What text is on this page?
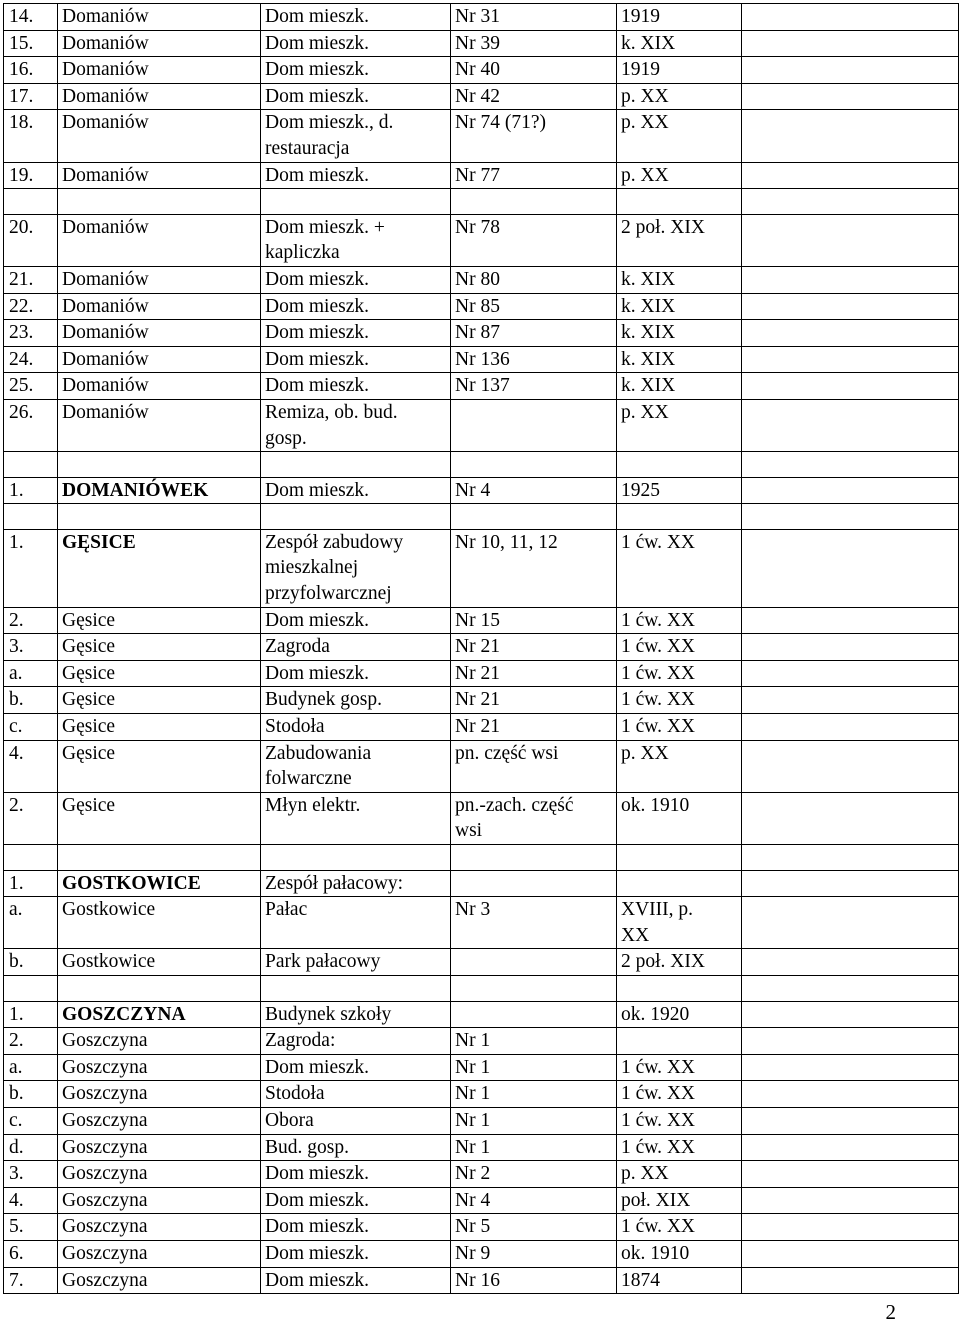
14.	Domaniów	Dom mieszk.	Nr 31	1919	
15.	Domaniów	Dom mieszk.	Nr 39	k. XIX	
16.	Domaniów	Dom mieszk.	Nr 40	1919	
17.	Domaniów	Dom mieszk.	Nr 42	p. XX	
18.	Domaniów	Dom mieszk., d.
restauracja	Nr 74 (71?)	p. XX	
19.	Domaniów	Dom mieszk.	Nr 77	p. XX	

20.	Domaniów	Dom mieszk. +
kapliczka	Nr 78	2 poł. XIX	
21.	Domaniów	Dom mieszk.	Nr 80	k. XIX	
22.	Domaniów	Dom mieszk.	Nr 85	k. XIX	
23.	Domaniów	Dom mieszk.	Nr 87	k. XIX	
24.	Domaniów	Dom mieszk.	Nr 136	k. XIX	
25.	Domaniów	Dom mieszk.	Nr 137	k. XIX	
26.	Domaniów	Remiza, ob. bud.
gosp.		p. XX	

1.	DOMANIÓWEK	Dom mieszk.	Nr 4	1925	

1.	GĘSICE	Zespół zabudowy
mieszkalnej
przyfolwarcznej	Nr 10, 11, 12	1 ćw. XX	
2.	Gęsice	Dom mieszk.	Nr 15	1 ćw. XX	
3.	Gęsice	Zagroda	Nr 21	1 ćw. XX	
a.	Gęsice	Dom mieszk.	Nr 21	1 ćw. XX	
b.	Gęsice	Budynek gosp.	Nr 21	1 ćw. XX	
c.	Gęsice	Stodoła	Nr 21	1 ćw. XX	
4.	Gęsice	Zabudowania
folwarczne	pn. część wsi	p. XX	
2.	Gęsice	Młyn elektr.	pn.-zach. część
wsi	ok. 1910	

1.	GOSTKOWICE	Zespół pałacowy:			
a.	Gostkowice	Pałac	Nr 3	XVIII, p.
XX	
b.	Gostkowice	Park pałacowy		2 poł. XIX	

1.	GOSZCZYNA	Budynek szkoły		ok. 1920	
2.	Goszczyna	Zagroda:	Nr 1		
a.	Goszczyna	Dom mieszk.	Nr 1	1 ćw. XX	
b.	Goszczyna	Stodoła	Nr 1	1 ćw. XX	
c.	Goszczyna	Obora	Nr 1	1 ćw. XX	
d.	Goszczyna	Bud. gosp.	Nr 1	1 ćw. XX	
3.	Goszczyna	Dom mieszk.	Nr 2	p. XX	
4.	Goszczyna	Dom mieszk.	Nr 4	poł. XIX	
5.	Goszczyna	Dom mieszk.	Nr 5	1 ćw. XX	
6.	Goszczyna	Dom mieszk.	Nr 9	ok. 1910	
7.	Goszczyna	Dom mieszk.	Nr 16	1874	
2
